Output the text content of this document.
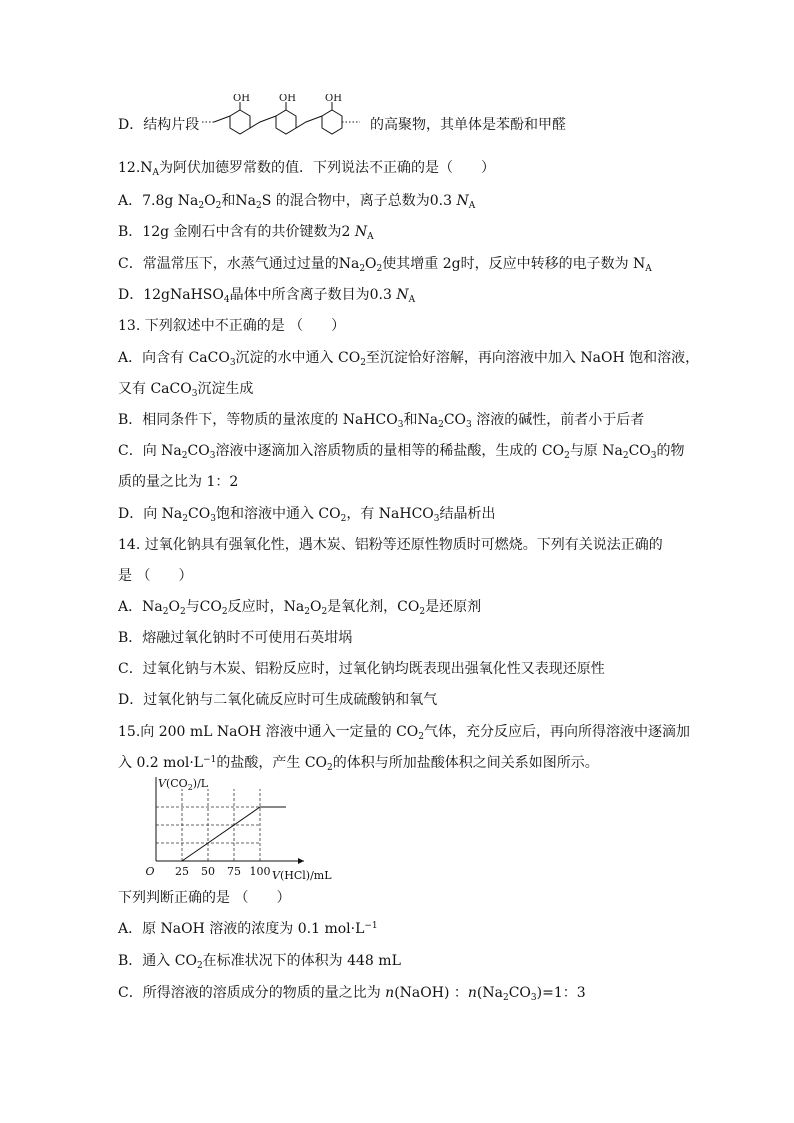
D．结构片段
OH	OH	OH
的高聚物，其单体是苯酚和甲醛
$12.N_A$为阿伏加德罗常数的值．下列说法不正确的是（　　）
A．7.8g $Na_2O_2$和$Na_2S$ 的混合物中，离子总数为0.3 $N_A$
B．12g 金刚石中含有的共价键数为2 $N_A$
C．常温常压下，水蒸气通过过量的$Na_2O_2$使其增重 2g时，反应中转移的电子数为 $N_A$
D．12gNaHSO$_4$晶体中所含离子数目为0.3 $N_A$
13. 下列叙述中不正确的是 （　　）
A．向含有 CaCO$_3$沉淀的水中通入 $CO_2$至沉淀恰好溶解，再向溶液中加入 NaOH 饱和溶液，
又有 CaCO$_3$沉淀生成
B．相同条件下，等物质的量浓度的 NaHCO$_3$和$Na_2CO_3$ 溶液的碱性，前者小于后者
C．向 $Na_2CO_3$溶液中逐滴加入溶质物质的量相等的稀盐酸，生成的 $CO_2$与原 $Na_2CO_3$的物
质的量之比为 1：2
D．向 $Na_2CO_3$饱和溶液中通入 $CO_2$，有 NaHCO$_3$结晶析出
14. 过氧化钠具有强氧化性，遇木炭、铝粉等还原性物质时可燃烧。下列有关说法正确的
是 （　　）
A．$Na_2O_2$与$CO_2$反应时，$Na_2O_2$是氧化剂，$CO_2$是还原剂
B．熔融过氧化钠时不可使用石英坩埚
C．过氧化钠与木炭、铝粉反应时，过氧化钠均既表现出强氧化性又表现还原性
D．过氧化钠与二氧化硫反应时可生成硫酸钠和氧气
15.向 200 mL NaOH 溶液中通入一定量的 $CO_2$气体，充分反应后，再向所得溶液中逐滴加
入 0.2 $mol\cdot L^{-1}$的盐酸，产生 $CO_2$的体积与所加盐酸体积之间关系如图所示。
25 50 75 100
O
$V(CO_2)/L$
V(HCl)/mL
下列判断正确的是 （　　）
A．原 NaOH 溶液的浓度为 0.1 $mol\cdot L^{-1}$
B．通入 $CO_2$在标准状况下的体积为 448 mL
C．所得溶液的溶质成分的物质的量之比为 n(NaOH) ：$n(Na_2CO_3)=1$：3
